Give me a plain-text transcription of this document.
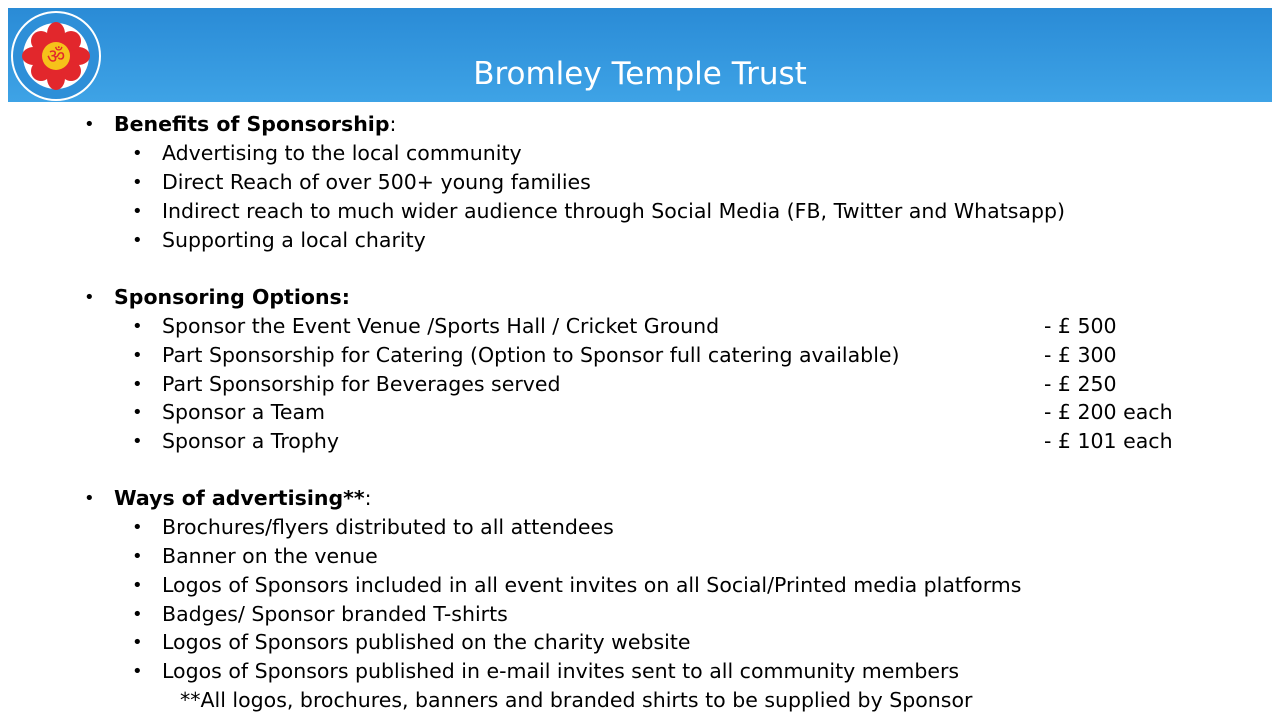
ॐ	Bromley Temple Trust
• Benefits of Sponsorship:
• Advertising to the local community
• Direct Reach of over 500+ young families
• Indirect reach to much wider audience through Social Media (FB, Twitter and Whatsapp)
• Supporting a local charity
• Sponsoring Options:
• Sponsor the Event Venue /Sports Hall / Cricket Ground	- £ 500
• Part Sponsorship for Catering (Option to Sponsor full catering available)	- £ 300
• Part Sponsorship for Beverages served	- £ 250
• Sponsor a Team	- £ 200 each
• Sponsor a Trophy	- £ 101 each
• Ways of advertising**:
• Brochures/flyers distributed to all attendees
• Banner on the venue
• Logos of Sponsors included in all event invites on all Social/Printed media platforms
• Badges/ Sponsor branded T-shirts
• Logos of Sponsors published on the charity website
• Logos of Sponsors published in e-mail invites sent to all community members
**All logos, brochures, banners and branded shirts to be supplied by Sponsor
